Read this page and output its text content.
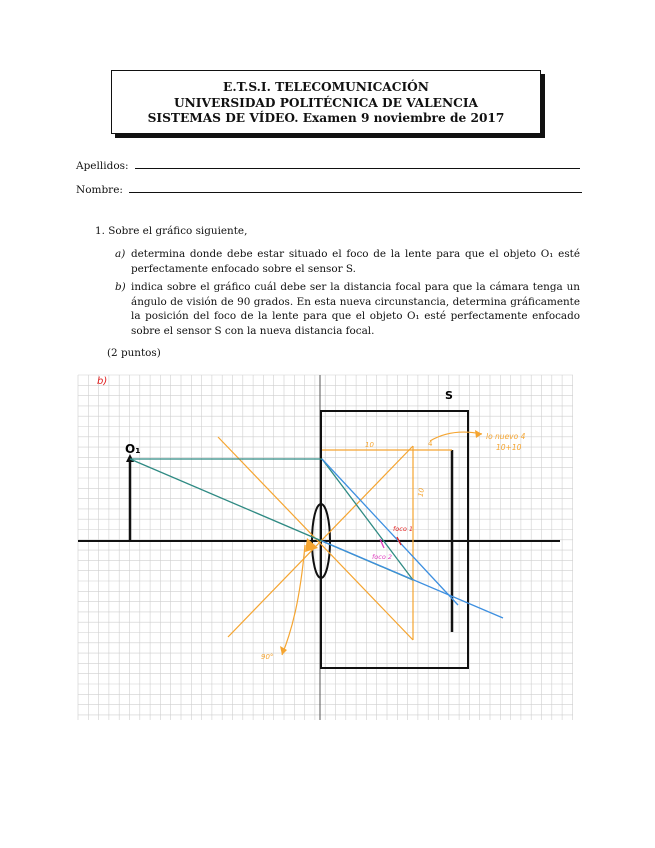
E.T.S.I. TELECOMUNICACIÓN
UNIVERSIDAD POLITÉCNICA DE VALENCIA
SISTEMAS DE VÍDEO. Examen 9 noviembre de 2017
Apellidos:
Nombre:
1. Sobre el gráfico siguiente,
a) determina donde debe estar situado el foco de la lente para que el objeto O₁ esté perfectamente enfocado sobre el sensor S.
b) indica sobre el gráfico cuál debe ser la distancia focal para que la cámara tenga un ángulo de visión de 90 grados. En esta nueva circunstancia, determina gráficamente la posición del foco de la lente para que el objeto O₁ esté perfectamente enfocado sobre el sensor S con la nueva distancia focal.
(2 puntos)
S
O₁
b)
10
10
4
lo nuevo 4
10+10
foco 1
foco 2
90°
